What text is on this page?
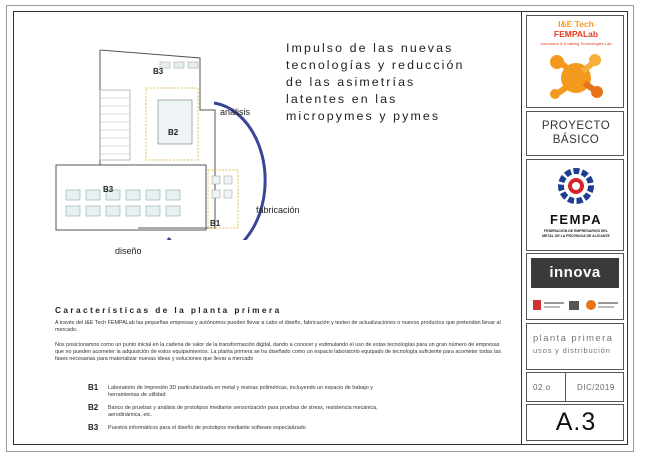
B3
B2
B3
B1
análisis
fabricación
diseño
Impulso de las nuevas
tecnologías y reducción
de las asimetrías
latentes en las
micropymes y pymes
Características de la planta primera
A través del I&E Tech FEMPALab las pequeñas empresas y autónomos pueden llevar a cabo el diseño, fabricación y testeo de actualizaciones o nuevos productos que pretendan llevar al mercado.
Nos posicionamos como un punto inicial en la cadena de valor de la transformación digital, dando a conocer y estimulando el uso de estas tecnologías para un gran número de empresas que no pueden acometer la adquisición de estos equipamientos. La planta primera se ha diseñado como un espacio laboratorio equipado de tecnología suficiente para acometer todas las fases necesarias para materializar nuevas ideas y soluciones que llevar a mercado
B1 Laboratorio de Impresión 3D particularizada en metal y resinas poliméricas, incluyendo un espacio de trabajo y herramientas de utilidad
B2 Banco de pruebas y análisis de prototipos mediante sensorización para pruebas de stress, resistencia mecánica, aerodinámica, etc.
B3 Puestos informáticos para el diseño de prototipos mediante software especializado
I&E Tech
FEMPALab
Innovation & Enabling Technologies Lab
PROYECTO
BÁSICO
FEMPA
FEDERACIÓN DE EMPRESARIOS DEL
METAL DE LA PROVINCIA DE ALICANTE
innova
planta primera
usos y distribución
02.o	DIC/2019
A.3
